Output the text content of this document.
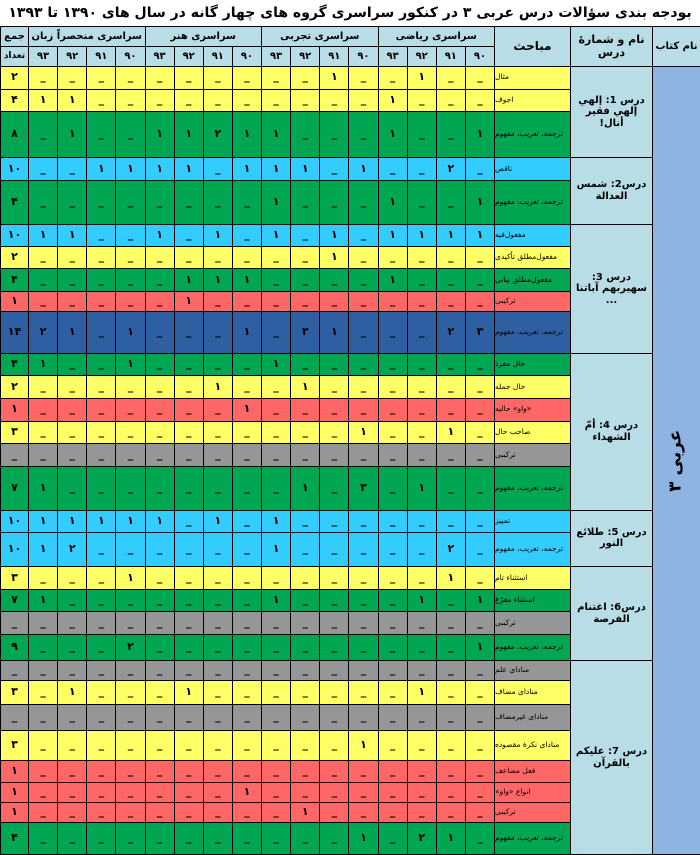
بودجه بندی سؤالات درس عربی ۳ در کنکور سراسری گروه های چهار گانه در سال های ۱۳۹۰ تا ۱۳۹۳
نام کتاب
نام و شمارۀ درس
مباحث
جمع
تعداد
سراسری ریاضی
۹۰
۹۱
۹۲
۹۳
سراسری تجربی
۹۰
۹۱
۹۲
۹۳
سراسری هنر
۹۰
۹۱
۹۲
۹۳
سراسری منحصراً زبان
۹۰
۹۱
۹۲
۹۳
عربی ۳
درس 1: إلهي إلهي فقير أنال!
درس2: شمس العدالة
درس 3: سهيربهم آباتنا ...
درس 4: أمّ الشهداء
درس 5: طلائع النور
درس6: اغتنام الفرصة
درس 7: عليكم بالقرآن
مثال
_
_
۱
_
_
۱
_
_
_
_
_
_
_
_
_
_
۲
اجوف
_
_
_
۱
_
_
_
_
_
_
_
_
_
_
۱
۱
۴
ترجمه، تعریب، مفهوم
۱
_
_
۱
_
_
_
۱
۱
۲
۱
۱
_
_
۱
_
۸
ناقص
_
۲
_
_
۱
_
۱
۱
۱
_
۱
۱
۱
۱
_
_
۱۰
ترجمه، تعریب، مفهوم
۱
_
_
۱
_
_
_
۱
_
_
_
_
_
_
_
_
۴
مفعول‌فیه
۱
۱
۱
۱
_
۱
_
۱
_
۱
_
۱
_
_
۱
۱
۱۰
مفعول‌مطلق تأکیدی
_
_
_
_
_
۱
_
_
_
_
_
_
_
_
_
_
۲
مفعول‌مطلق بیانی
_
_
_
۱
_
_
_
_
۱
۱
۱
_
_
_
_
_
۴
ترکیبی
_
_
_
_
_
_
_
_
_
_
۱
_
_
_
_
_
۱
ترجمه، تعریب، مفهوم
۳
۲
_
_
_
۱
۳
_
۱
_
_
_
۱
_
۱
۲
۱۴
حال مفرد
_
_
_
_
_
_
_
۱
_
_
_
_
۱
_
_
۱
۴
حال جمله
_
_
_
_
_
_
۱
_
_
۱
_
_
_
_
_
_
۲
«واو» حالیه
_
_
_
_
_
_
_
_
۱
_
_
_
_
_
_
_
۱
صاحب حال
_
۱
_
_
۱
_
_
_
_
_
_
_
_
_
_
_
۳
ترکیبی
_
_
_
_
_
_
_
_
_
_
_
_
_
_
_
_
_
ترجمه، تعریب، مفهوم
_
_
۱
_
۳
_
۱
_
_
_
_
_
_
_
_
۱
۷
تمییز
_
_
_
_
_
_
_
۱
_
۱
_
۱
۱
۱
۱
۱
۱۰
ترجمه، تعریب، مفهوم
_
۲
_
_
_
_
_
۱
_
_
_
_
_
_
۲
۱
۱۰
استثناء تام
_
۱
_
_
_
_
_
_
_
_
_
_
۱
_
_
_
۳
استثناء مفرّغ
۱
_
۱
_
_
_
_
۱
_
_
_
_
_
_
_
۱
۷
ترکیبی
_
_
_
_
_
_
_
_
_
_
_
_
_
_
_
_
_
ترجمه، تعریب، مفهوم
۱
_
_
_
_
_
_
_
_
_
_
_
۲
_
_
_
۹
منادای علم
_
_
_
_
_
_
_
_
_
_
_
_
_
_
_
_
_
منادای مضاف
_
_
۱
_
_
_
_
_
_
_
۱
_
_
_
۱
_
۳
منادای غیرمضاف
_
_
_
_
_
_
_
_
_
_
_
_
_
_
_
_
_
منادای نکرهٔ مقصوده
_
_
_
_
۱
_
_
_
_
_
_
_
_
_
_
_
۳
فعل مضاعف
_
_
_
_
_
_
_
_
_
_
_
_
_
_
_
_
۱
انواع «واو»
_
_
_
_
_
_
_
_
۱
_
_
_
_
_
_
_
۱
ترکیبی
_
_
_
_
_
_
۱
_
_
_
_
_
_
_
_
_
۱
ترجمه، تعریب، مفهوم
_
۱
۲
_
۱
_
_
_
_
_
_
_
_
_
_
_
۴
